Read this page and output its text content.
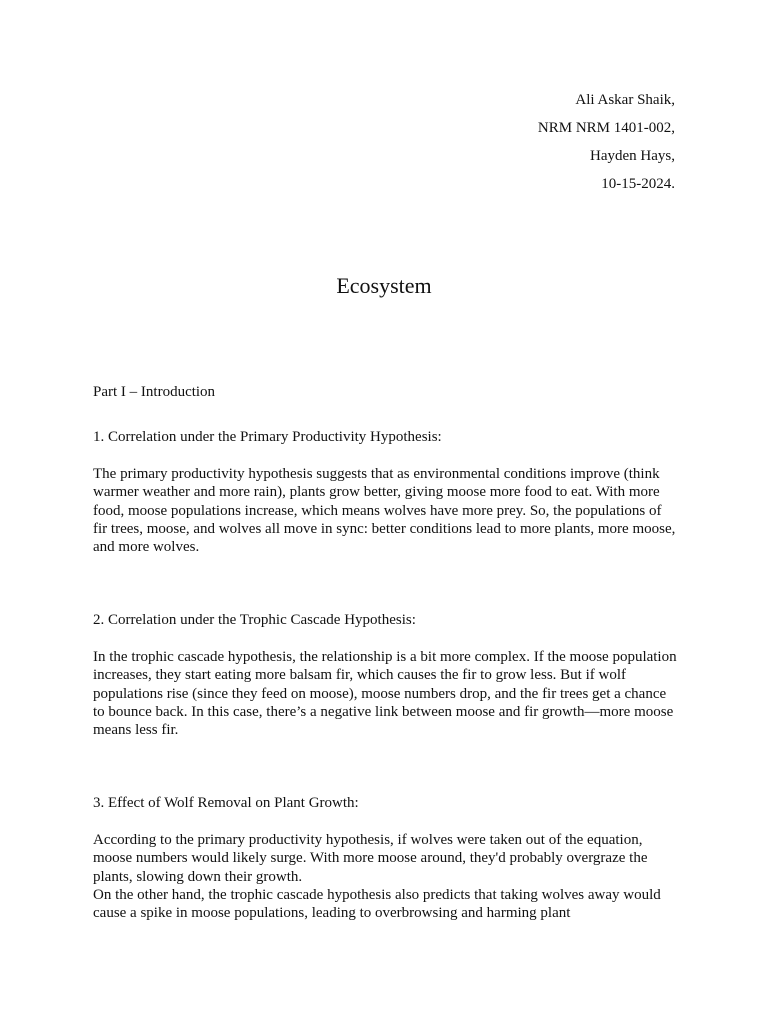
Ali Askar Shaik,
NRM NRM 1401-002,
Hayden Hays,
10-15-2024.
Ecosystem

Part I – Introduction

1. Correlation under the Primary Productivity Hypothesis:

The primary productivity hypothesis suggests that as environmental conditions improve (think warmer weather and more rain), plants grow better, giving moose more food to eat. With more food, moose populations increase, which means wolves have more prey. So, the populations of fir trees, moose, and wolves all move in sync: better conditions lead to more plants, more moose, and more wolves.

2. Correlation under the Trophic Cascade Hypothesis:

In the trophic cascade hypothesis, the relationship is a bit more complex. If the moose population increases, they start eating more balsam fir, which causes the fir to grow less. But if wolf populations rise (since they feed on moose), moose numbers drop, and the fir trees get a chance to bounce back. In this case, there’s a negative link between moose and fir growth—more moose means less fir.

3. Effect of Wolf Removal on Plant Growth:

According to the primary productivity hypothesis, if wolves were taken out of the equation, moose numbers would likely surge. With more moose around, they'd probably overgraze the plants, slowing down their growth.

On the other hand, the trophic cascade hypothesis also predicts that taking wolves away would cause a spike in moose populations, leading to overbrowsing and harming plant
